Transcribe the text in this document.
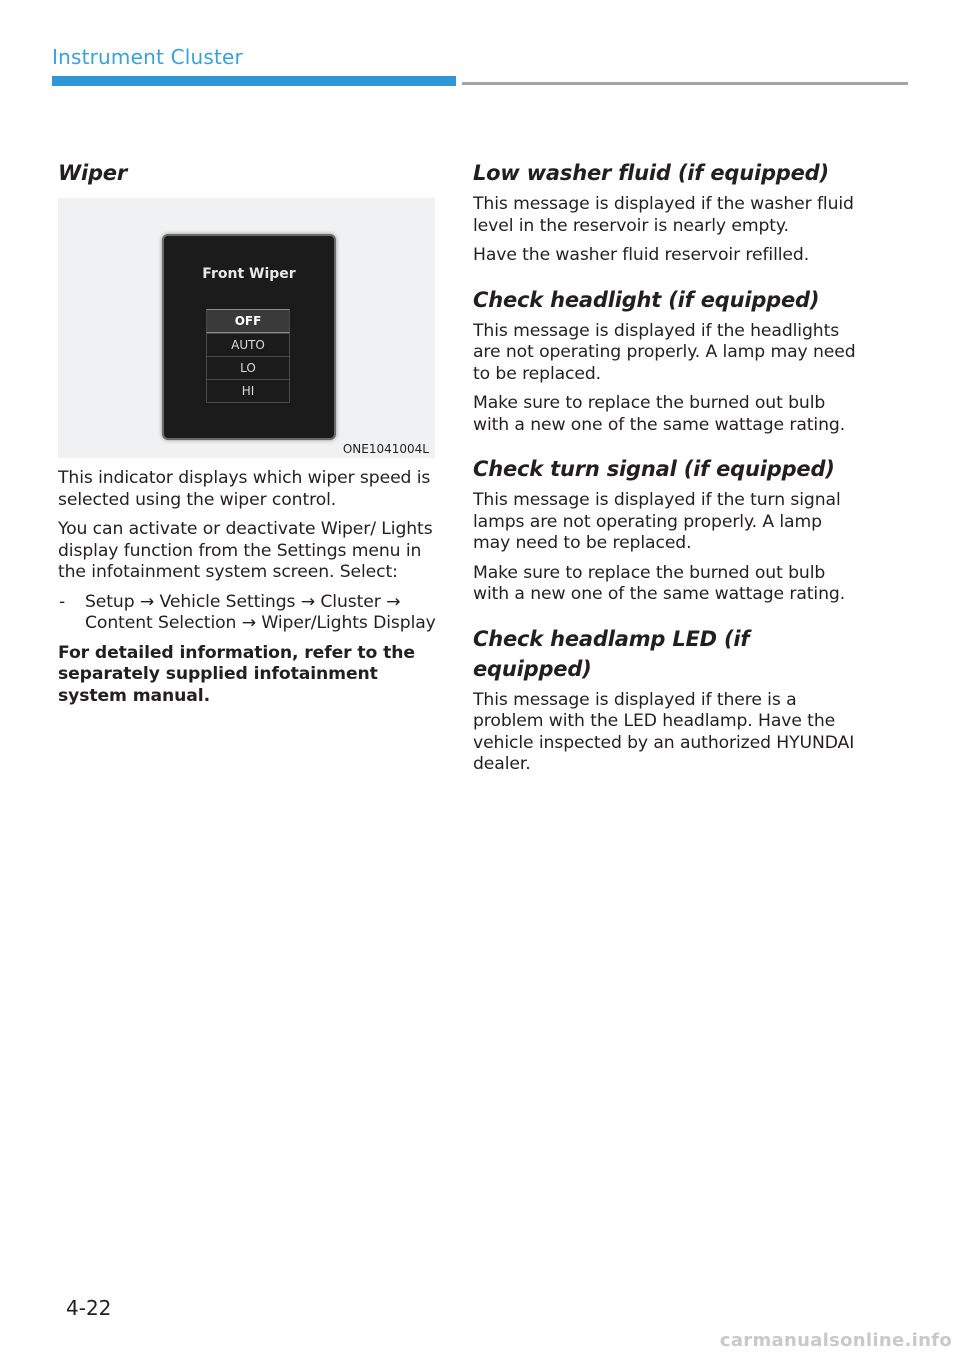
Instrument Cluster
Wiper
Front Wiper
OFF
AUTO
LO
HI
ONE1041004L

This indicator displays which wiper speed is selected using the wiper control.

You can activate or deactivate Wiper/ Lights display function from the Settings menu in the infotainment system screen. Select:

- Setup → Vehicle Settings → Cluster → Content Selection → Wiper/Lights Display

For detailed information, refer to the separately supplied infotainment system manual.

Low washer fluid (if equipped)

This message is displayed if the washer fluid level in the reservoir is nearly empty.

Have the washer fluid reservoir refilled.

Check headlight (if equipped)

This message is displayed if the headlights are not operating properly. A lamp may need to be replaced.

Make sure to replace the burned out bulb with a new one of the same wattage rating.

Check turn signal (if equipped)

This message is displayed if the turn signal lamps are not operating properly. A lamp may need to be replaced.

Make sure to replace the burned out bulb with a new one of the same wattage rating.

Check headlamp LED (if equipped)

This message is displayed if there is a problem with the LED headlamp. Have the vehicle inspected by an authorized HYUNDAI dealer.

4-22
carmanualsonline.info
